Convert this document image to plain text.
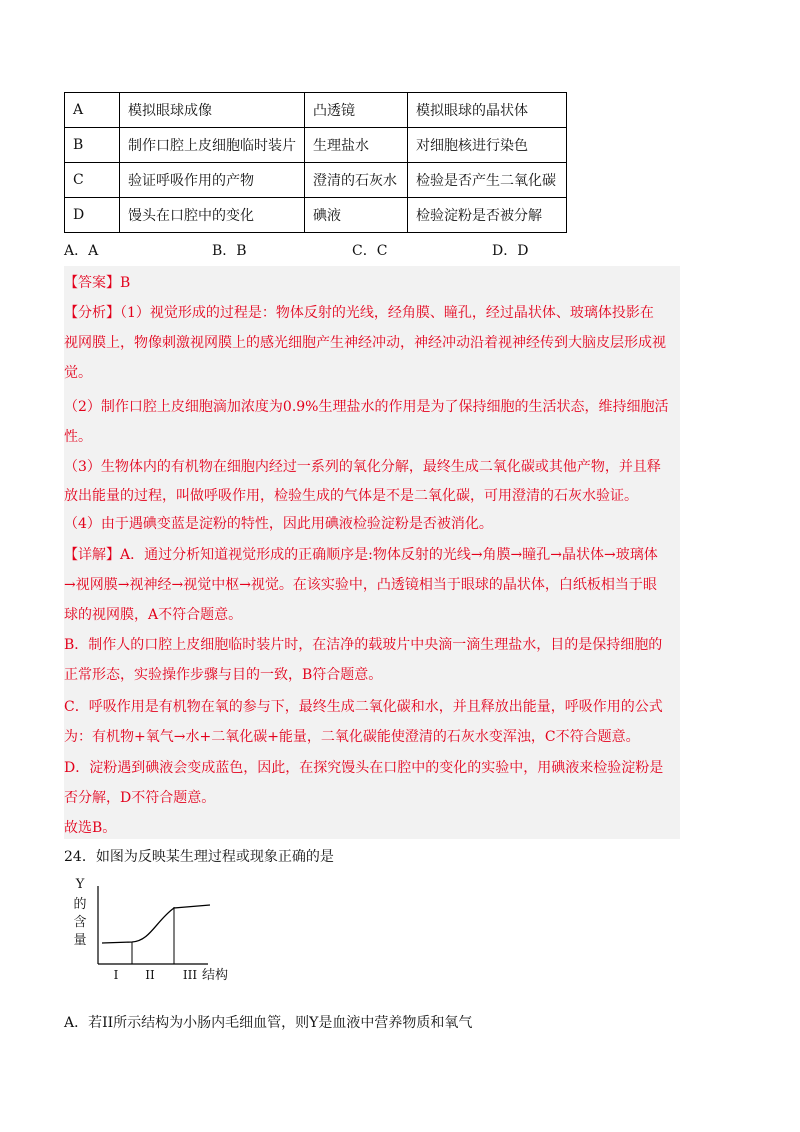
A	模拟眼球成像	凸透镜	模拟眼球的晶状体
B	制作口腔上皮细胞临时装片	生理盐水	对细胞核进行染色
C	验证呼吸作用的产物	澄清的石灰水	检验是否产生二氧化碳
D	馒头在口腔中的变化	碘液	检验淀粉是否被分解
A．A	B．B	C．C	D．D
【答案】B
【分析】（1）视觉形成的过程是：物体反射的光线，经角膜、瞳孔，经过晶状体、玻璃体投影在
视网膜上，物像刺激视网膜上的感光细胞产生神经冲动，神经冲动沿着视神经传到大脑皮层形成视
觉。
（2）制作口腔上皮细胞滴加浓度为0.9%生理盐水的作用是为了保持细胞的生活状态，维持细胞活
性。
（3）生物体内的有机物在细胞内经过一系列的氧化分解，最终生成二氧化碳或其他产物，并且释
放出能量的过程，叫做呼吸作用，检验生成的气体是不是二氧化碳，可用澄清的石灰水验证。
（4）由于遇碘变蓝是淀粉的特性，因此用碘液检验淀粉是否被消化。
【详解】A．通过分析知道视觉形成的正确顺序是:物体反射的光线→角膜→瞳孔→晶状体→玻璃体
→视网膜→视神经→视觉中枢→视觉。在该实验中，凸透镜相当于眼球的晶状体，白纸板相当于眼
球的视网膜，A不符合题意。
B．制作人的口腔上皮细胞临时装片时，在洁净的载玻片中央滴一滴生理盐水，目的是保持细胞的
正常形态，实验操作步骤与目的一致，B符合题意。
C．呼吸作用是有机物在氧的参与下，最终生成二氧化碳和水，并且释放出能量，呼吸作用的公式
为：有机物+氧气→水+二氧化碳+能量，二氧化碳能使澄清的石灰水变浑浊，C不符合题意。
D．淀粉遇到碘液会变成蓝色，因此，在探究馒头在口腔中的变化的实验中，用碘液来检验淀粉是
否分解，D不符合题意。
故选B。
24．如图为反映某生理过程或现象正确的是
Y
的
含
量
I II III 结构
A．若II所示结构为小肠内毛细血管，则Y是血液中营养物质和氧气
